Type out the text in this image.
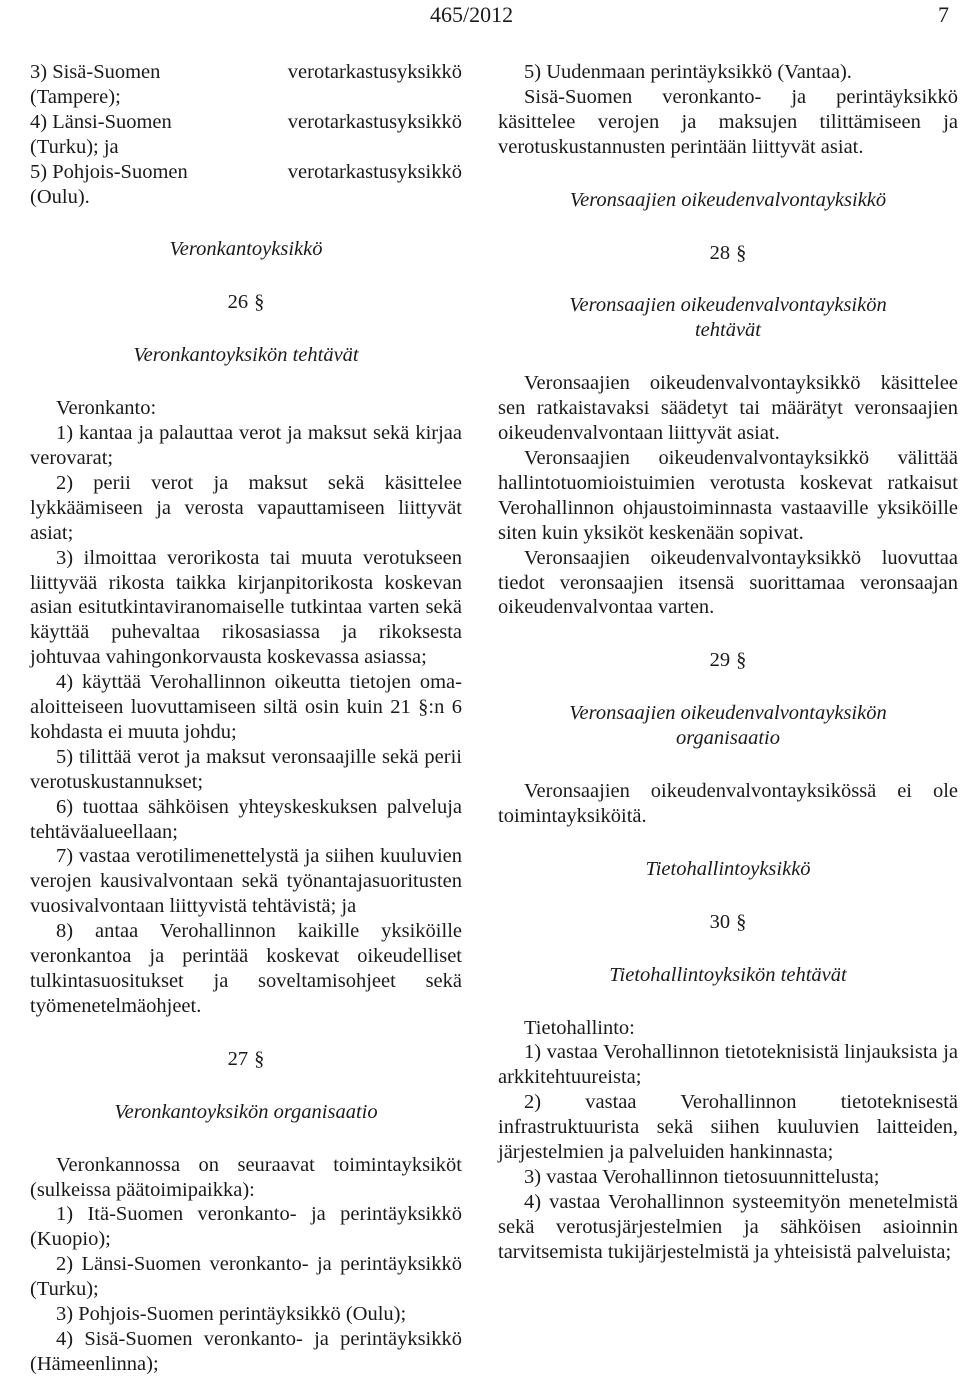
465/2012	7
3) Sisä-Suomen	verotarkastusyksikkö

(Tampere);

4) Länsi-Suomen	verotarkastusyksikkö

(Turku); ja

5) Pohjois-Suomen	verotarkastusyksikkö

(Oulu).

Veronkantoyksikkö

26 §

Veronkantoyksikön tehtävät

Veronkanto:

1) kantaa ja palauttaa verot ja maksut sekä kirjaa verovarat;

2) perii verot ja maksut sekä käsittelee lykkäämiseen ja verosta vapauttamiseen liittyvät asiat;

3) ilmoittaa verorikosta tai muuta verotukseen liittyvää rikosta taikka kirjanpitorikosta koskevan asian esitutkintaviranomaiselle tutkintaa varten sekä käyttää puhevaltaa rikosasiassa ja rikoksesta johtuvaa vahingonkorvausta koskevassa asiassa;

4) käyttää Verohallinnon oikeutta tietojen oma-aloitteiseen luovuttamiseen siltä osin kuin 21 §:n 6 kohdasta ei muuta johdu;

5) tilittää verot ja maksut veronsaajille sekä perii verotuskustannukset;

6) tuottaa sähköisen yhteyskeskuksen palveluja tehtäväalueellaan;

7) vastaa verotilimenettelystä ja siihen kuuluvien verojen kausivalvontaan sekä työnantajasuoritusten vuosivalvontaan liittyvistä tehtävistä; ja

8) antaa Verohallinnon kaikille yksiköille veronkantoa ja perintää koskevat oikeudelliset tulkintasuositukset ja soveltamisohjeet sekä työmenetelmäohjeet.

27 §

Veronkantoyksikön organisaatio

Veronkannossa on seuraavat toimintayksiköt (sulkeissa päätoimipaikka):

1) Itä-Suomen veronkanto- ja perintäyksikkö (Kuopio);

2) Länsi-Suomen veronkanto- ja perintäyksikkö (Turku);

3) Pohjois-Suomen perintäyksikkö (Oulu);

4) Sisä-Suomen veronkanto- ja perintäyksikkö (Hämeenlinna);

5) Uudenmaan perintäyksikkö (Vantaa).

Sisä-Suomen veronkanto- ja perintäyksikkö käsittelee verojen ja maksujen tilittämiseen ja verotuskustannusten perintään liittyvät asiat.

Veronsaajien oikeudenvalvontayksikkö

28 §

Veronsaajien oikeudenvalvontayksikön

tehtävät

Veronsaajien oikeudenvalvontayksikkö käsittelee sen ratkaistavaksi säädetyt tai määrätyt veronsaajien oikeudenvalvontaan liittyvät asiat.

Veronsaajien oikeudenvalvontayksikkö välittää hallintotuomioistuimien verotusta koskevat ratkaisut Verohallinnon ohjaustoiminnasta vastaaville yksiköille siten kuin yksiköt keskenään sopivat.

Veronsaajien oikeudenvalvontayksikkö luovuttaa tiedot veronsaajien itsensä suorittamaa veronsaajan oikeudenvalvontaa varten.

29 §

Veronsaajien oikeudenvalvontayksikön

organisaatio

Veronsaajien oikeudenvalvontayksikössä ei ole toimintayksiköitä.

Tietohallintoyksikkö

30 §

Tietohallintoyksikön tehtävät

Tietohallinto:

1) vastaa Verohallinnon tietoteknisistä linjauksista ja arkkitehtuureista;

2) vastaa Verohallinnon tietoteknisestä infrastruktuurista sekä siihen kuuluvien laitteiden, järjestelmien ja palveluiden hankinnasta;

3) vastaa Verohallinnon tietosuunnittelusta;

4) vastaa Verohallinnon systeemityön menetelmistä sekä verotusjärjestelmien ja sähköisen asioinnin tarvitsemista tukijärjestelmistä ja yhteisistä palveluista;
